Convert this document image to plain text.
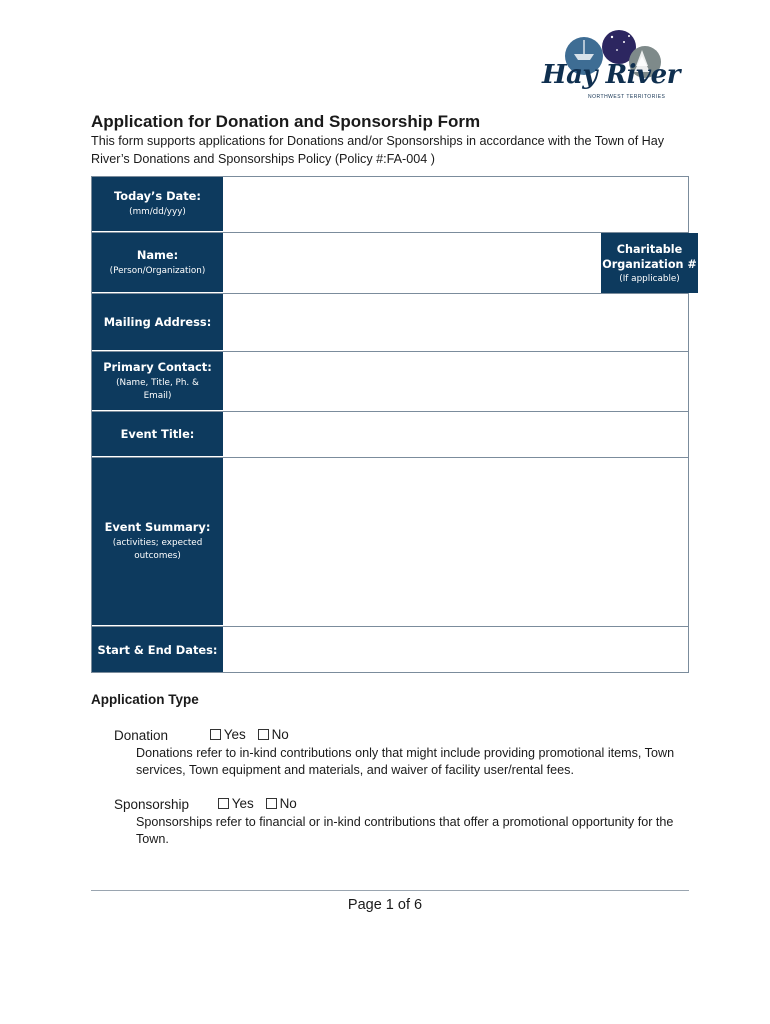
Hay River
NORTHWEST TERRITORIES
Application for Donation and Sponsorship Form

This form supports applications for Donations and/or Sponsorships in accordance with the Town of Hay River’s Donations and Sponsorships Policy (Policy #:FA-004 )

Today’s Date:
(mm/dd/yyy)
Name:
(Person/Organization)
Charitable Organization #
(If applicable)
Mailing Address:
Primary Contact:
(Name, Title, Ph. & Email)
Event Title:
Event Summary:
(activities; expected outcomes)
Start & End Dates:
Application Type
Donation	Yes
No

Donations refer to in-kind contributions only that might include providing promotional items, Town services, Town equipment and materials, and waiver of facility user/rental fees.

Sponsorship	Yes
No

Sponsorships refer to financial or in-kind contributions that offer a promotional opportunity for the Town.

Page 1 of 6
